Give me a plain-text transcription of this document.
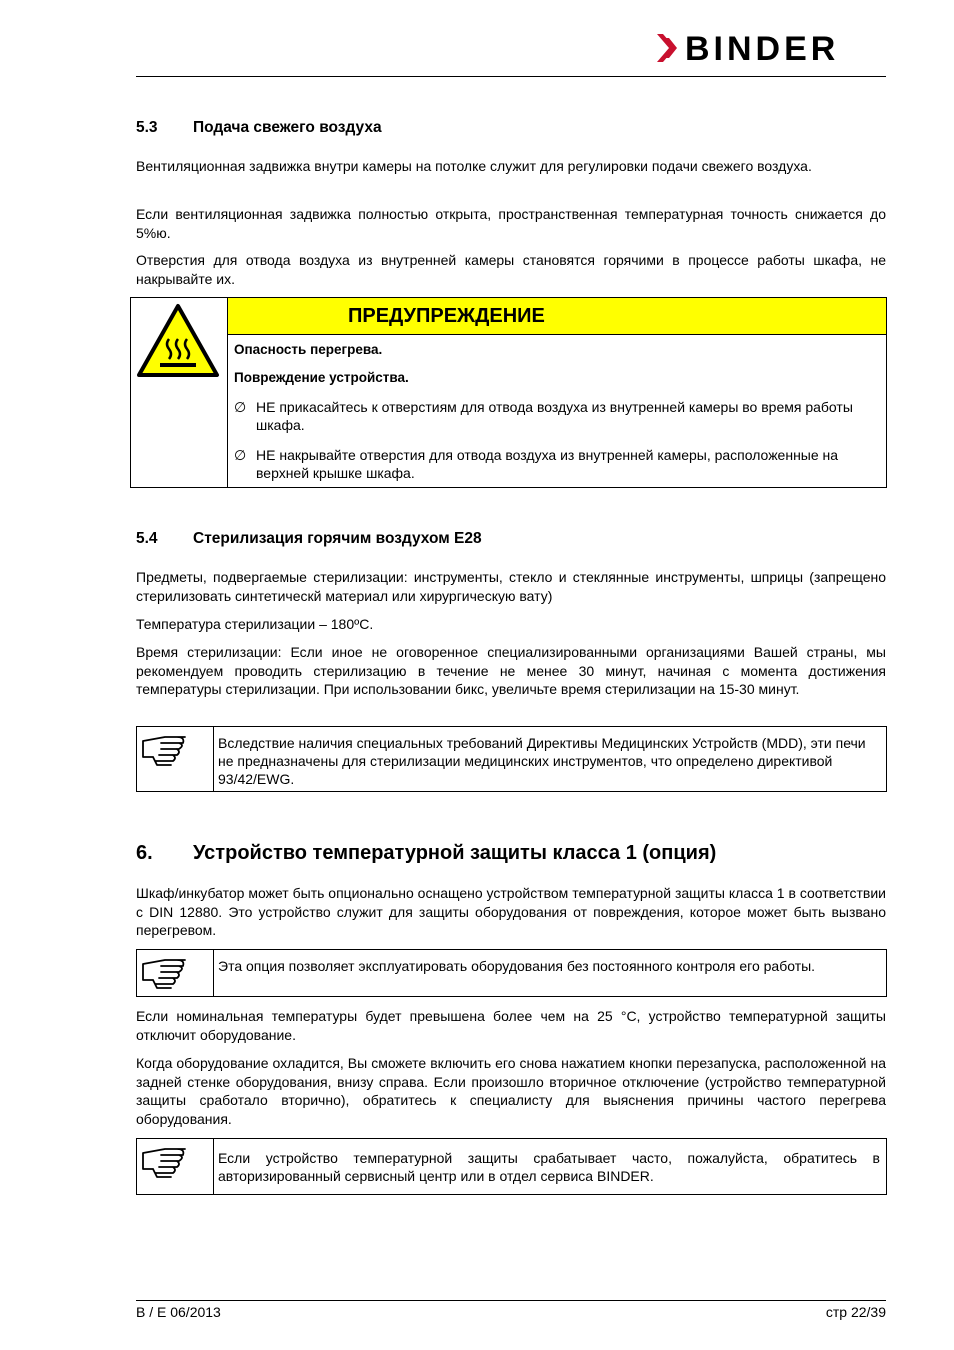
BINDER
5.3 Подача свежего воздуха

Вентиляционная задвижка внутри камеры на потолке служит для регулировки подачи свежего воздуха.

Если вентиляционная задвижка полностью открыта, пространственная температурная точность снижается до 5%ю.

Отверстия для отвода воздуха из внутренней камеры становятся горячими в процессе работы шкафа, не накрывайте их.

ПРЕДУПРЕЖДЕНИЕ
Опасность перегрева.
Повреждение устройства.
∅ НЕ прикасайтесь к отверстиям для отвода воздуха из внутренней камеры во время работы шкафа.
∅ НЕ накрывайте отверстия для отвода воздуха из внутренней камеры, расположенные на верхней крышке шкафа.
5.4 Стерилизация горячим воздухом E28

Предметы, подвергаемые стерилизации: инструменты, стекло и стеклянные инструменты, шприцы (запрещено стерилизовать синтетическй материал или хирургическую вату)

Температура стерилизации – 180ºC.

Время стерилизации: Если иное не оговоренное специализированными организациями Вашей страны, мы рекомендуем проводить стерилизацию в течение не менее 30 минут, начиная с момента достижения температуры стерилизации. При использовании бикс, увеличьте время стерилизации на 15-30 минут.

Вследствие наличия специальных требований Директивы Медицинских Устройств (MDD), эти печи не предназначены для стерилизации медицинских инструментов, что определено директивой 93/42/EWG.
6. Устройство температурной защиты класса 1 (опция)

Шкаф/инкубатор может быть опционально оснащено устройством температурной защиты класса 1 в соответствии с DIN 12880. Это устройство служит для защиты оборудования от повреждения, которое может быть вызвано перегревом.

Эта опция позволяет эксплуатировать оборудования без постоянного контроля его работы.

Если номинальная температуры будет превышена более чем на 25 °C, устройство температурной защиты отключит оборудование.

Когда оборудование охладится, Вы сможете включить его снова нажатием кнопки перезапуска, расположенной на задней стенке оборудования, внизу справа. Если произошло вторичное отключение (устройство температурной защиты сработало вторично), обратитесь к специалисту для выяснения причины частого перегрева оборудования.

Если устройство температурной защиты срабатывает часто, пожалуйста, обратитесь в авторизированный сервисный центр или в отдел сервиса BINDER.
B / E 06/2013	стр 22/39
